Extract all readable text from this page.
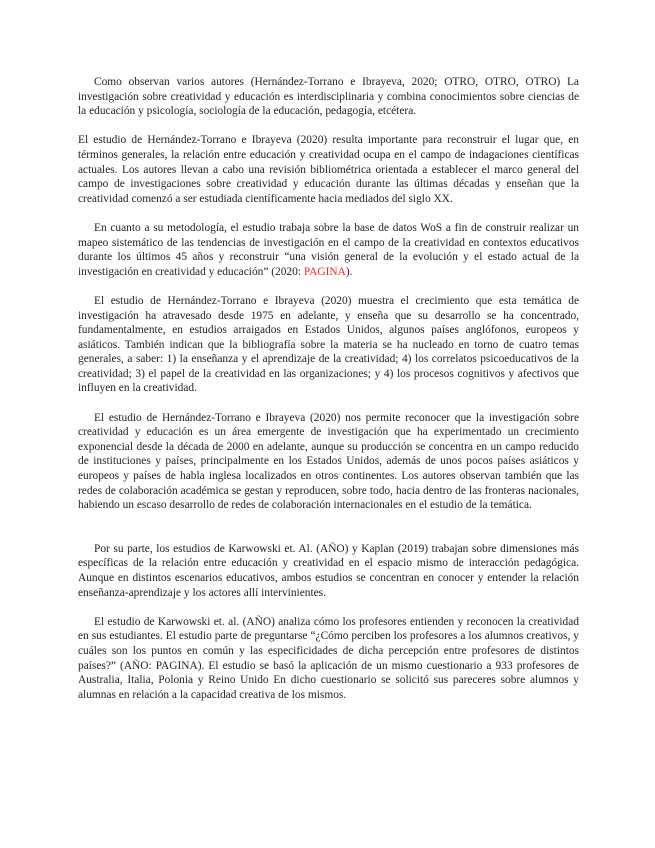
Como observan varios autores (Hernández-Torrano e Ibrayeva, 2020; OTRO, OTRO, OTRO) La investigación sobre creatividad y educación es interdisciplinaria y combina conocimientos sobre ciencias de la educación y psicología, sociología de la educación, pedagogía, etcétera.

El estudio de Hernández-Torrano e Ibrayeva (2020) resulta importante para reconstruir el lugar que, en términos generales, la relación entre educación y creatividad ocupa en el campo de indagaciones científicas actuales. Los autores llevan a cabo una revisión bibliométrica orientada a establecer el marco general del campo de investigaciones sobre creatividad y educación durante las últimas décadas y enseñan que la creatividad comenzó a ser estudiada científicamente hacia mediados del siglo XX.

En cuanto a su metodología, el estudio trabaja sobre la base de datos WoS a fin de construir realizar un mapeo sistemático de las tendencias de investigación en el campo de la creatividad en contextos educativos durante los últimos 45 años y reconstruir “una visión general de la evolución y el estado actual de la investigación en creatividad y educación” (2020: PAGINA).

El estudio de Hernández-Torrano e Ibrayeva (2020) muestra el crecimiento que esta temática de investigación ha atravesado desde 1975 en adelante, y enseña que su desarrollo se ha concentrado, fundamentalmente, en estudios arraigados en Estados Unidos, algunos países anglófonos, europeos y asiáticos. También indican que la bibliografía sobre la materia se ha nucleado en torno de cuatro temas generales, a saber: 1) la enseñanza y el aprendizaje de la creatividad; 4) los correlatos psicoeducativos de la creatividad; 3) el papel de la creatividad en las organizaciones; y 4) los procesos cognitivos y afectivos que influyen en la creatividad.

El estudio de Hernández-Torrano e Ibrayeva (2020) nos permite reconocer que la investigación sobre creatividad y educación es un área emergente de investigación que ha experimentado un crecimiento exponencial desde la década de 2000 en adelante, aunque su producción se concentra en un campo reducido de instituciones y países, principalmente en los Estados Unidos, además de unos pocos países asiáticos y europeos y países de habla inglesa localizados en otros continentes. Los autores observan también que las redes de colaboración académica se gestan y reproducen, sobre todo, hacia dentro de las fronteras nacionales, habiendo un escaso desarrollo de redes de colaboración internacionales en el estudio de la temática.

Por su parte, los estudios de Karwowski et. Al. (AÑO) y Kaplan (2019) trabajan sobre dimensiones más específicas de la relación entre educación y creatividad en el espacio mismo de interacción pedagógica. Aunque en distintos escenarios educativos, ambos estudios se concentran en conocer y entender la relación enseñanza-aprendizaje y los actores allí intervinientes.

El estudio de Karwowski et. al. (AÑO) analiza cómo los profesores entienden y reconocen la creatividad en sus estudiantes. El estudio parte de preguntarse “¿Cómo perciben los profesores a los alumnos creativos, y cuáles son los puntos en común y las especificidades de dicha percepción entre profesores de distintos países?” (AÑO: PAGINA). El estudio se basó la aplicación de un mismo cuestionario a 933 profesores de Australia, Italia, Polonia y Reino Unido En dicho cuestionario se solicitó sus pareceres sobre alumnos y alumnas en relación a la capacidad creativa de los mismos.
